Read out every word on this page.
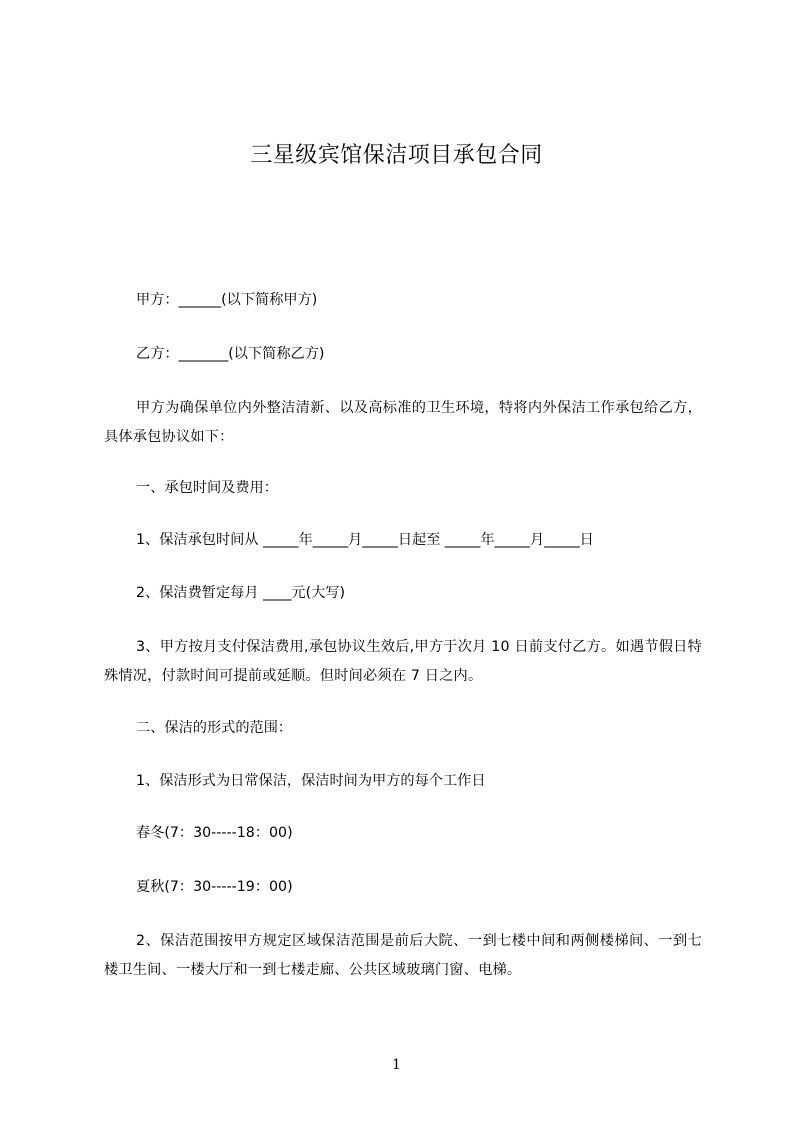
三星级宾馆保洁项目承包合同
甲方：______(以下简称甲方)
乙方：_______(以下简称乙方)
甲方为确保单位内外整洁清新、以及高标准的卫生环境，特将内外保洁工作承包给乙方，具体承包协议如下：
一、承包时间及费用：
1、保洁承包时间从 _____年_____月_____日起至 _____年_____月_____日
2、保洁费暂定每月 ____元(大写)
3、甲方按月支付保洁费用,承包协议生效后,甲方于次月 10 日前支付乙方。如遇节假日特殊情况，付款时间可提前或延顺。但时间必须在 7 日之内。
二、保洁的形式的范围：
1、保洁形式为日常保洁，保洁时间为甲方的每个工作日
春冬(7：30-----18：00)
夏秋(7：30-----19：00)
2、保洁范围按甲方规定区域保洁范围是前后大院、一到七楼中间和两侧楼梯间、一到七楼卫生间、一楼大厅和一到七楼走廊、公共区域玻璃门窗、电梯。
1
